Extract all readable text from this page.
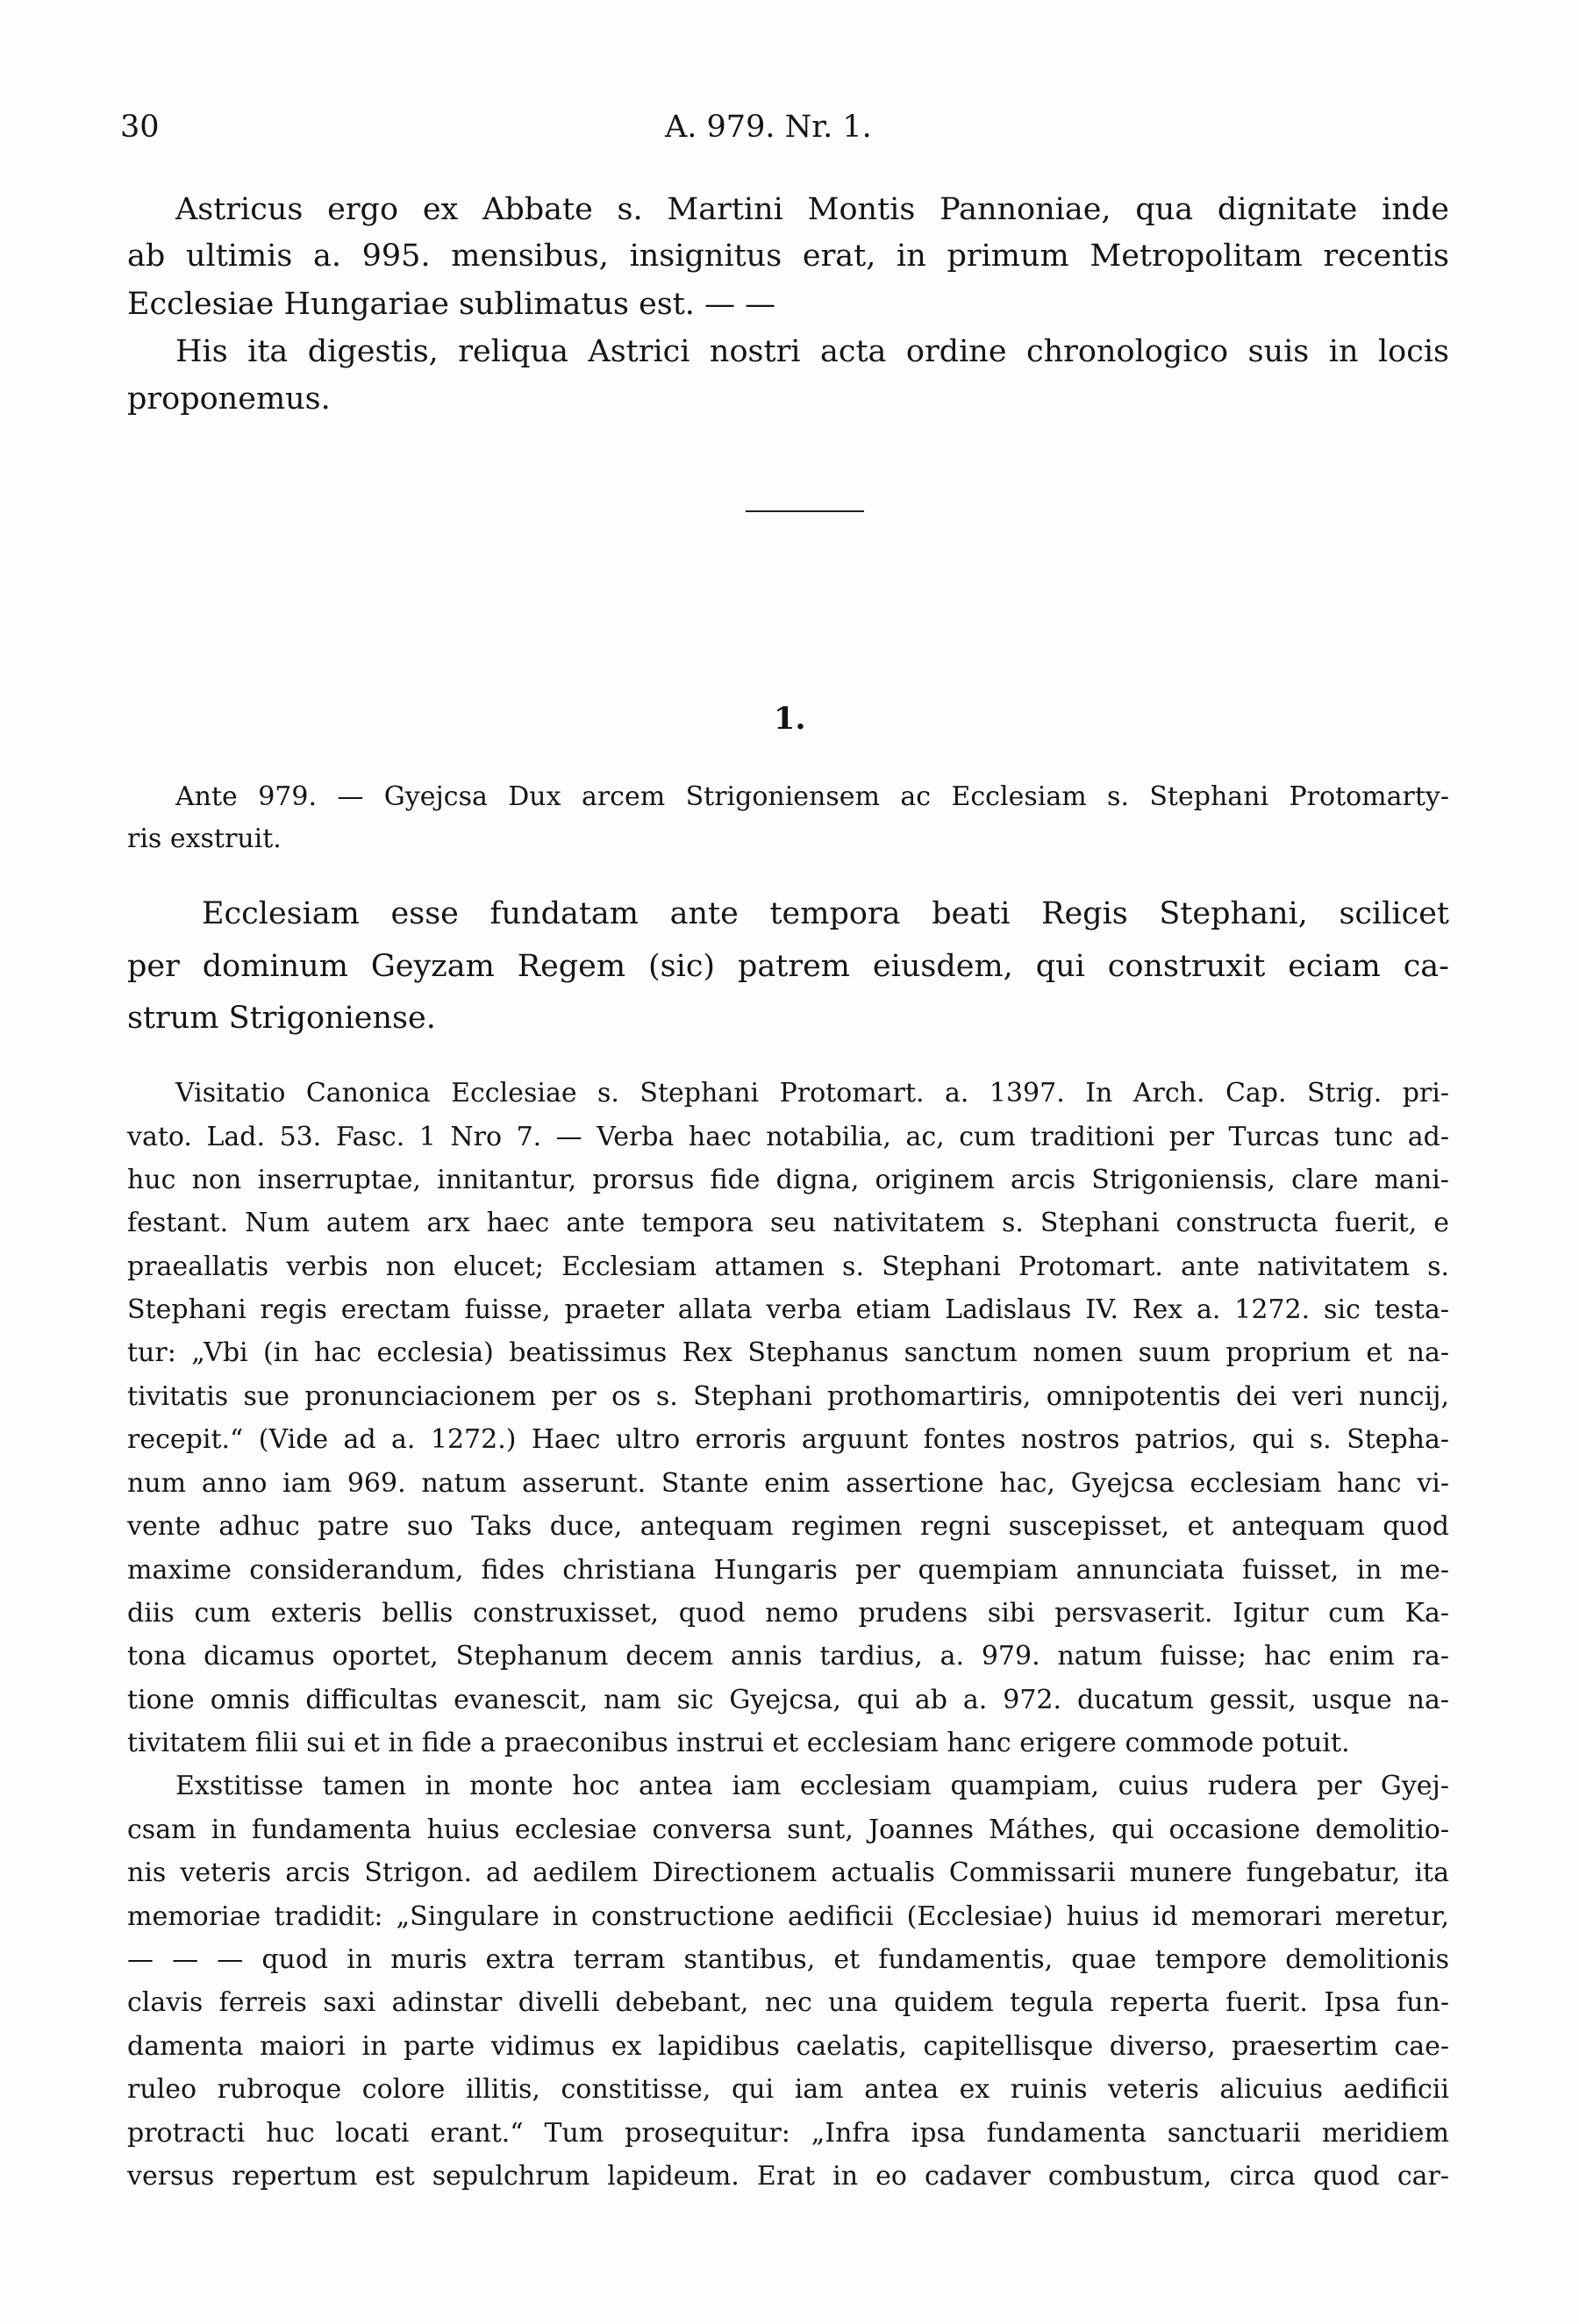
30	A. 979. Nr. 1.
Astricus ergo ex Abbate s. Martini Montis Pannoniae, qua dignitate inde
ab ultimis a. 995. mensibus, insignitus erat, in primum Metropolitam recentis
Ecclesiae Hungariae sublimatus est. — —
His ita digestis, reliqua Astrici nostri acta ordine chronologico suis in locis
proponemus.
1.
Ante 979. — Gyejcsa Dux arcem Strigoniensem ac Ecclesiam s. Stephani Protomarty-
ris exstruit.
Ecclesiam esse fundatam ante tempora beati Regis Stephani, scilicet
per dominum Geyzam Regem (sic) patrem eiusdem, qui construxit eciam ca-
strum Strigoniense.
Visitatio Canonica Ecclesiae s. Stephani Protomart. a. 1397. In Arch. Cap. Strig. pri-
vato. Lad. 53. Fasc. 1 Nro 7. — Verba haec notabilia, ac, cum traditioni per Turcas tunc ad-
huc non inserruptae, innitantur, prorsus fide digna, originem arcis Strigoniensis, clare mani-
festant. Num autem arx haec ante tempora seu nativitatem s. Stephani constructa fuerit, e
praeallatis verbis non elucet; Ecclesiam attamen s. Stephani Protomart. ante nativitatem s.
Stephani regis erectam fuisse, praeter allata verba etiam Ladislaus IV. Rex a. 1272. sic testa-
tur: „Vbi (in hac ecclesia) beatissimus Rex Stephanus sanctum nomen suum proprium et na-
tivitatis sue pronunciacionem per os s. Stephani prothomartiris, omnipotentis dei veri nuncij,
recepit.“ (Vide ad a. 1272.) Haec ultro erroris arguunt fontes nostros patrios, qui s. Stepha-
num anno iam 969. natum asserunt. Stante enim assertione hac, Gyejcsa ecclesiam hanc vi-
vente adhuc patre suo Taks duce, antequam regimen regni suscepisset, et antequam quod
maxime considerandum, fides christiana Hungaris per quempiam annunciata fuisset, in me-
diis cum exteris bellis construxisset, quod nemo prudens sibi persvaserit. Igitur cum Ka-
tona dicamus oportet, Stephanum decem annis tardius, a. 979. natum fuisse; hac enim ra-
tione omnis difficultas evanescit, nam sic Gyejcsa, qui ab a. 972. ducatum gessit, usque na-
tivitatem filii sui et in fide a praeconibus instrui et ecclesiam hanc erigere commode potuit.
Exstitisse tamen in monte hoc antea iam ecclesiam quampiam, cuius rudera per Gyej-
csam in fundamenta huius ecclesiae conversa sunt, Joannes Máthes, qui occasione demolitio-
nis veteris arcis Strigon. ad aedilem Directionem actualis Commissarii munere fungebatur, ita
memoriae tradidit: „Singulare in constructione aedificii (Ecclesiae) huius id memorari meretur,
— — — quod in muris extra terram stantibus, et fundamentis, quae tempore demolitionis
clavis ferreis saxi adinstar divelli debebant, nec una quidem tegula reperta fuerit. Ipsa fun-
damenta maiori in parte vidimus ex lapidibus caelatis, capitellisque diverso, praesertim cae-
ruleo rubroque colore illitis, constitisse, qui iam antea ex ruinis veteris alicuius aedificii
protracti huc locati erant.“ Tum prosequitur: „Infra ipsa fundamenta sanctuarii meridiem
versus repertum est sepulchrum lapideum. Erat in eo cadaver combustum, circa quod car-
